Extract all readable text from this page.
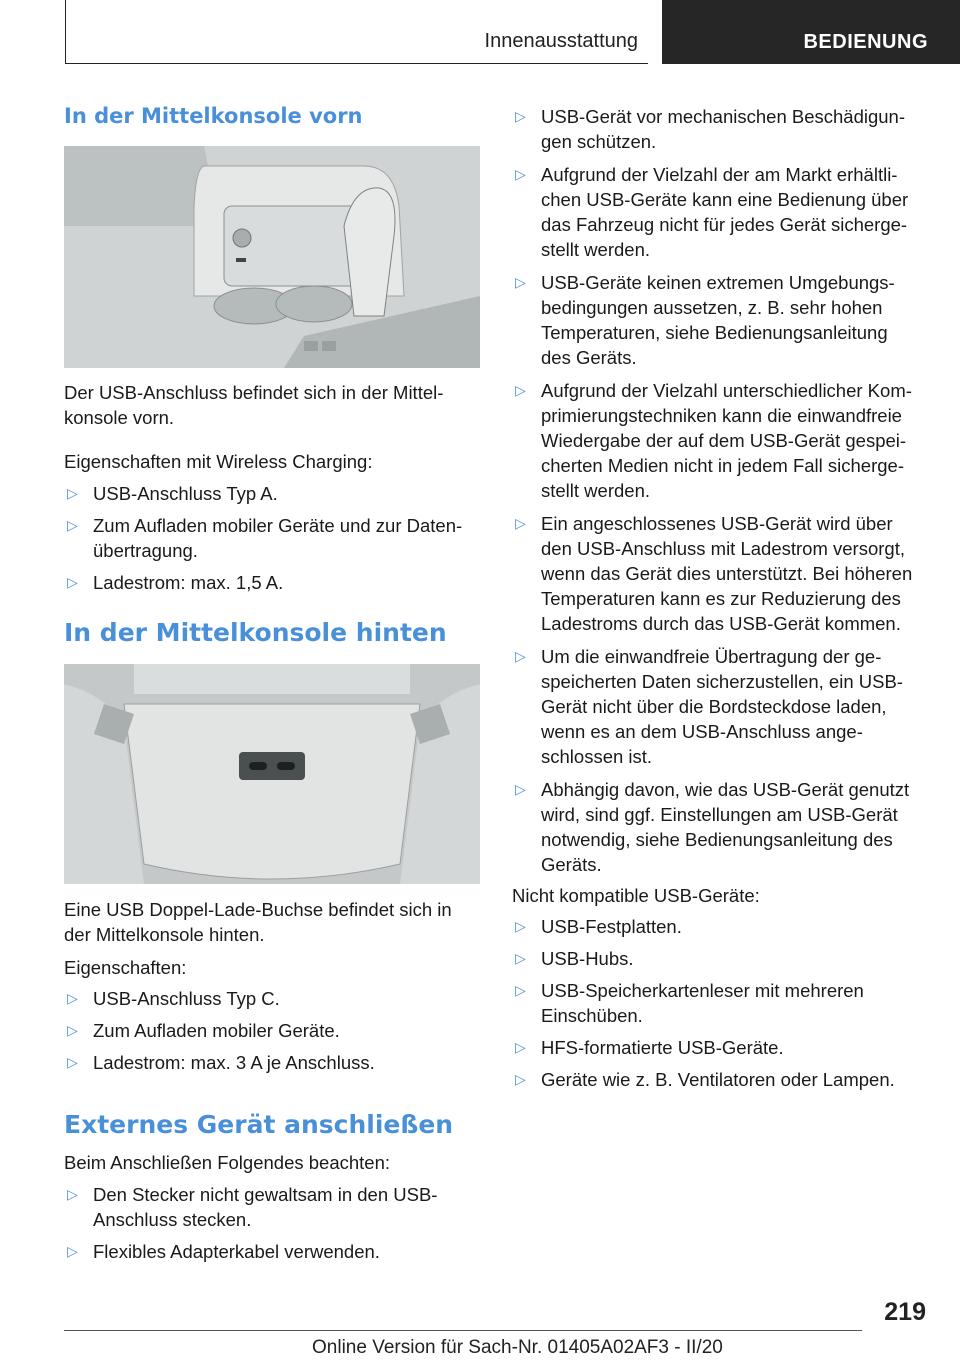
Innenausstattung	BEDIENUNG
In der Mittelkonsole vorn
Der USB-Anschluss befindet sich in der Mittel-
konsole vorn.
Eigenschaften mit Wireless Charging:
▷ USB-Anschluss Typ A.
▷ Zum Aufladen mobiler Geräte und zur Daten-
übertragung.
▷ Ladestrom: max. 1,5 A.
In der Mittelkonsole hinten
Eine USB Doppel-Lade-Buchse befindet sich in
der Mittelkonsole hinten.
Eigenschaften:
▷ USB-Anschluss Typ C.
▷ Zum Aufladen mobiler Geräte.
▷ Ladestrom: max. 3 A je Anschluss.
Externes Gerät anschließen
Beim Anschließen Folgendes beachten:
▷ Den Stecker nicht gewaltsam in den USB-
Anschluss stecken.
▷ Flexibles Adapterkabel verwenden.
▷ USB-Gerät vor mechanischen Beschädigun-
gen schützen.
▷ Aufgrund der Vielzahl der am Markt erhältli-
chen USB-Geräte kann eine Bedienung über
das Fahrzeug nicht für jedes Gerät sicherge-
stellt werden.
▷ USB-Geräte keinen extremen Umgebungs-
bedingungen aussetzen, z. B. sehr hohen
Temperaturen, siehe Bedienungsanleitung
des Geräts.
▷ Aufgrund der Vielzahl unterschiedlicher Kom-
primierungstechniken kann die einwandfreie
Wiedergabe der auf dem USB-Gerät gespei-
cherten Medien nicht in jedem Fall sicherge-
stellt werden.
▷ Ein angeschlossenes USB-Gerät wird über
den USB-Anschluss mit Ladestrom versorgt,
wenn das Gerät dies unterstützt. Bei höheren
Temperaturen kann es zur Reduzierung des
Ladestroms durch das USB-Gerät kommen.
▷ Um die einwandfreie Übertragung der ge-
speicherten Daten sicherzustellen, ein USB-
Gerät nicht über die Bordsteckdose laden,
wenn es an dem USB-Anschluss ange-
schlossen ist.
▷ Abhängig davon, wie das USB-Gerät genutzt
wird, sind ggf. Einstellungen am USB-Gerät
notwendig, siehe Bedienungsanleitung des
Geräts.
Nicht kompatible USB-Geräte:
▷ USB-Festplatten.
▷ USB-Hubs.
▷ USB-Speicherkartenleser mit mehreren
Einschüben.
▷ HFS-formatierte USB-Geräte.
▷ Geräte wie z. B. Ventilatoren oder Lampen.
219
Online Version für Sach-Nr. 01405A02AF3 - II/20
